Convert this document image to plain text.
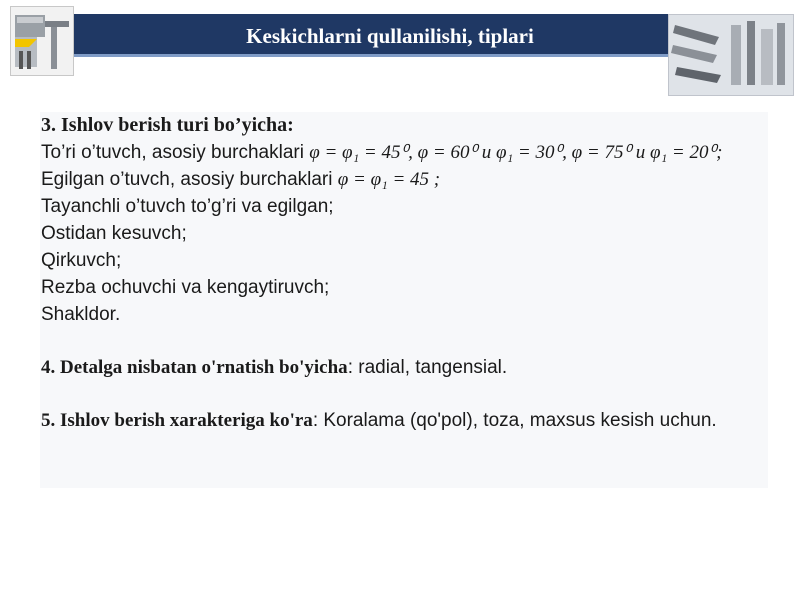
Keskichlarni qullanilishi, tiplari

3. Ishlov berish turi bo’yicha:

To’ri o’tuvch, asosiy burchaklari φ = φ₁ = 45⁰, φ = 60⁰ и φ₁ = 30⁰, φ = 75⁰ и φ₁ = 20⁰;

Egilgan o’tuvch, asosiy burchaklari φ = φ₁ = 45 ;

Tayanchli o’tuvch to’g’ri va egilgan;

Ostidan kesuvch;

Qirkuvch;

Rezba ochuvchi va kengaytiruvch;

Shakldor.

4. Detalga nisbatan o'rnatish bo'yicha: radial, tangensial.

5. Ishlov berish xarakteriga ko'ra: Koralama (qo'pol), toza, maxsus kesish uchun.
